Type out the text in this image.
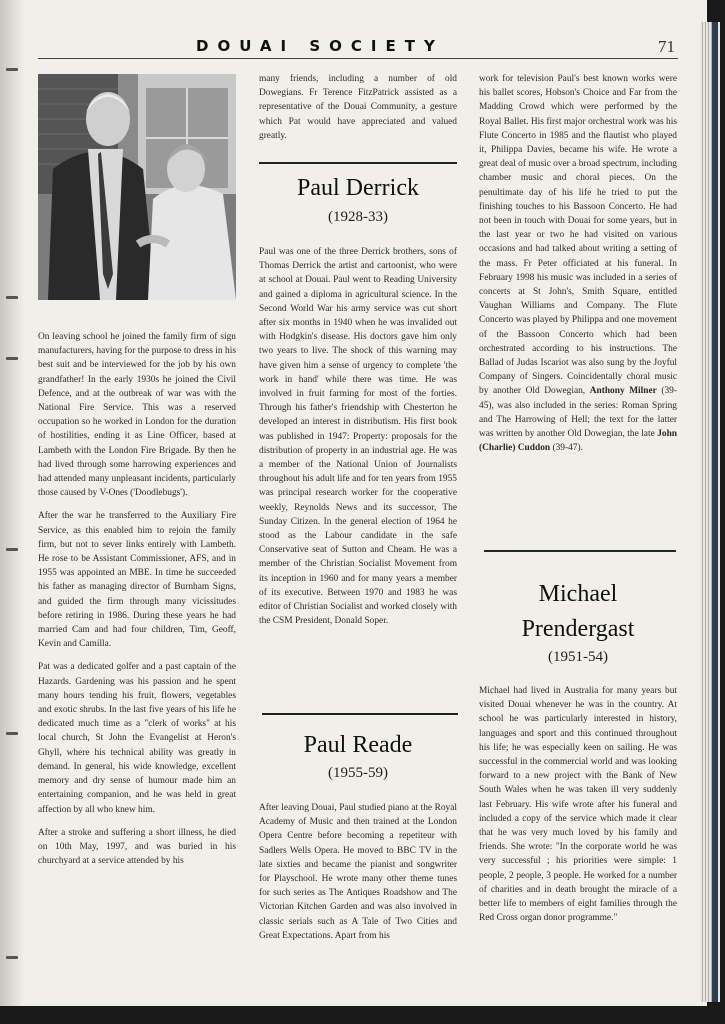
DOUAI SOCIETY	71

On leaving school he joined the family firm of sign manufacturers, having for the purpose to dress in his best suit and be interviewed for the job by his own grandfather! In the early 1930s he joined the Civil Defence, and at the outbreak of war was with the National Fire Service. This was a reserved occupation so he worked in London for the duration of hostilities, ending it as Line Officer, based at Lambeth with the London Fire Brigade. By then he had lived through some harrowing experiences and had attended many unpleasant incidents, particularly those caused by V-Ones ('Doodlebugs').

After the war he transferred to the Auxiliary Fire Service, as this enabled him to rejoin the family firm, but not to sever links entirely with Lambeth. He rose to be Assistant Commissioner, AFS, and in 1955 was appointed an MBE. In time he succeeded his father as managing director of Burnham Signs, and guided the firm through many vicissitudes before retiring in 1986. During these years he had married Cam and had four children, Tim, Geoff, Kevin and Camilla.

Pat was a dedicated golfer and a past captain of the Hazards. Gardening was his passion and he spent many hours tending his fruit, flowers, vegetables and exotic shrubs. In the last five years of his life he dedicated much time as a "clerk of works" at his local church, St John the Evangelist at Heron's Ghyll, where his technical ability was greatly in demand. In general, his wide knowledge, excellent memory and dry sense of humour made him an entertaining companion, and he was held in great affection by all who knew him.

After a stroke and suffering a short illness, he died on 10th May, 1997, and was buried in his churchyard at a service attended by his

many friends, including a number of old Dowegians. Fr Terence FitzPatrick assisted as a representative of the Douai Community, a gesture which Pat would have appreciated and valued greatly.

Paul Derrick
(1928-33)

Paul was one of the three Derrick brothers, sons of Thomas Derrick the artist and cartoonist, who were at school at Douai. Paul went to Reading University and gained a diploma in agricultural science. In the Second World War his army service was cut short after six months in 1940 when he was invalided out with Hodgkin's disease. His doctors gave him only two years to live. The shock of this warning may have given him a sense of urgency to complete 'the work in hand' while there was time. He was involved in fruit farming for most of the forties. Through his father's friendship with Chesterton he developed an interest in distributism. His first book was published in 1947: Property: proposals for the distribution of property in an industrial age. He was a member of the National Union of Journalists throughout his adult life and for ten years from 1955 was principal research worker for the cooperative weekly, Reynolds News and its successor, The Sunday Citizen. In the general election of 1964 he stood as the Labour candidate in the safe Conservative seat of Sutton and Cheam. He was a member of the Christian Socialist Movement from its inception in 1960 and for many years a member of its executive. Between 1970 and 1983 he was editor of Christian Socialist and worked closely with the CSM President, Donald Soper.

Paul Reade
(1955-59)

After leaving Douai, Paul studied piano at the Royal Academy of Music and then trained at the London Opera Centre before becoming a repetiteur with Sadlers Wells Opera. He moved to BBC TV in the late sixties and became the pianist and songwriter for Playschool. He wrote many other theme tunes for such series as The Antiques Roadshow and The Victorian Kitchen Garden and was also involved in classic serials such as A Tale of Two Cities and Great Expectations. Apart from his

work for television Paul's best known works were his ballet scores, Hobson's Choice and Far from the Madding Crowd which were performed by the Royal Ballet. His first major orchestral work was his Flute Concerto in 1985 and the flautist who played it, Philippa Davies, became his wife. He wrote a great deal of music over a broad spectrum, including chamber music and choral pieces. On the penultimate day of his life he tried to put the finishing touches to his Bassoon Concerto. He had not been in touch with Douai for some years, but in the last year or two he had visited on various occasions and had talked about writing a setting of the mass. Fr Peter officiated at his funeral. In February 1998 his music was included in a series of concerts at St John's, Smith Square, entitled Vaughan Williams and Company. The Flute Concerto was played by Philippa and one movement of the Bassoon Concerto which had been orchestrated according to his instructions. The Ballad of Judas Iscariot was also sung by the Joyful Company of Singers. Coincidentally choral music by another Old Dowegian, Anthony Milner (39-45), was also included in the series: Roman Spring and The Harrowing of Hell; the text for the latter was written by another Old Dowegian, the late John (Charlie) Cuddon (39-47).

Michael
Prendergast
(1951-54)

Michael had lived in Australia for many years but visited Douai whenever he was in the country. At school he was particularly interested in history, languages and sport and this continued throughout his life; he was especially keen on sailing. He was successful in the commercial world and was looking forward to a new project with the Bank of New South Wales when he was taken ill very suddenly last February. His wife wrote after his funeral and included a copy of the service which made it clear that he was very much loved by his family and friends. She wrote: "In the corporate world he was very successful ; his priorities were simple: 1 people, 2 people, 3 people. He worked for a number of charities and in death brought the miracle of a better life to members of eight families through the Red Cross organ donor programme."
